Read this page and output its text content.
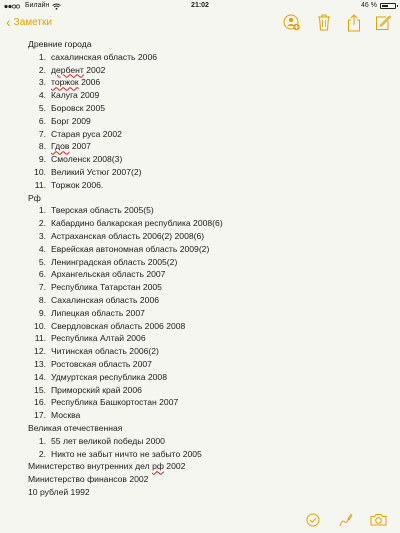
Билайн	21:02	46 %
‹ Заметки
Древние города
1. сахалинская область 2006
2. дербент 2002
3. торжок 2006
4. Калуга 2009
5. Боровск 2005
6. Борг 2009
7. Старая руса 2002
8. Гдов 2007
9. Смоленск 2008(3)
10. Великий Устюг 2007(2)
11. Торжок 2006.
Рф
1. Тверская область 2005(5)
2. Кабардино балкарская республика 2008(6)
3. Астраханская область 2006(2) 2008(6)
4. Еврейская автономная область 2009(2)
5. Ленинградская область 2005(2)
6. Архангельская область 2007
7. Республика Татарстан 2005
8. Сахалинская область 2006
9. Липецкая область 2007
10. Свердловская область 2006 2008
11. Республика Алтай 2006
12. Читинская область 2006(2)
13. Ростовская область 2007
14. Удмуртская республика 2008
15. Приморский край 2006
16. Республика Башкортостан 2007
17. Москва
Великая отечественная
1. 55 лет великой победы 2000
2. Никто не забыт ничто не забыто 2005
Министерство внутренних дел рф 2002
Министерство финансов 2002
10 рублей 1992
